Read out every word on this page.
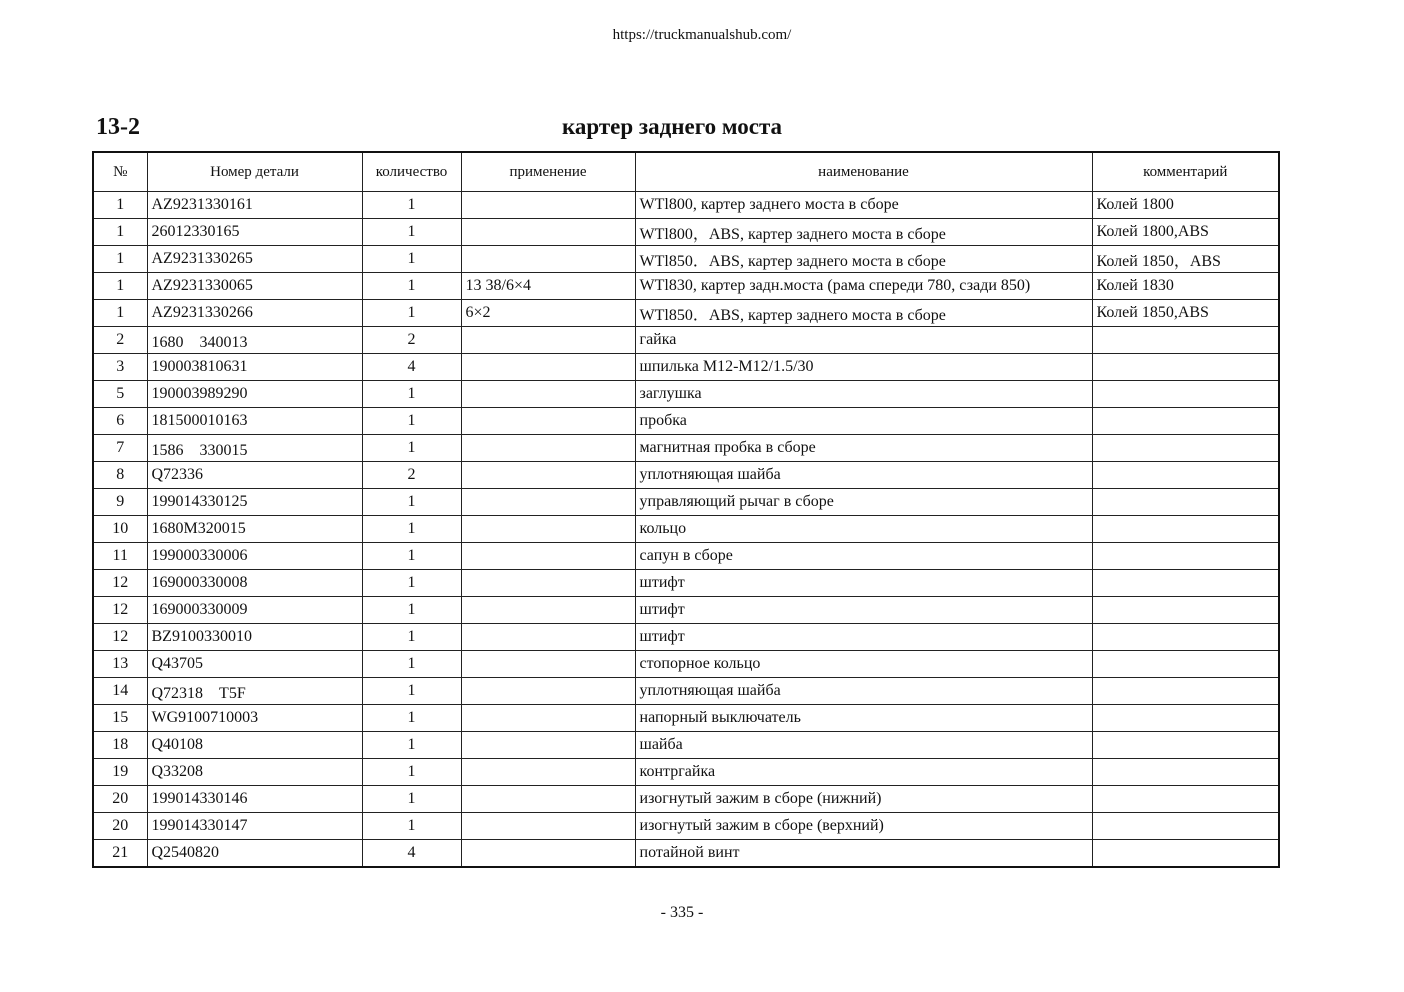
https://truckmanualshub.com/
13-2	картер заднего моста
№	Номер детали	количество	применение	наименование	комментарий
1	AZ9231330161	1		WTl800, картер заднего моста в сборе	Колей 1800
1	26012330165	1		WTl800，ABS, картер заднего моста в сборе	Колей 1800,ABS
1	AZ9231330265	1		WTl850．ABS, картер заднего моста в сборе	Колей 1850，ABS
1	AZ9231330065	1	13 38/6×4	WTl830, картер задн.моста (рама спереди 780, сзади 850)	Колей 1830
1	AZ9231330266	1	6×2	WTl850．ABS, картер заднего моста в сборе	Колей 1850,ABS
2	1680　340013	2		гайка	
3	190003810631	4		шпилька M12-M12/1.5/30	
5	190003989290	1		заглушка	
6	181500010163	1		пробка	
7	1586　330015	1		магнитная пробка в сборе	
8	Q72336	2		уплотняющая шайба	
9	199014330125	1		управляющий рычаг в сборе	
10	1680M320015	1		кольцо	
11	199000330006	1		сапун в сборе	
12	169000330008	1		штифт	
12	169000330009	1		штифт	
12	BZ9100330010	1		штифт	
13	Q43705	1		стопорное кольцо	
14	Q72318　T5F	1		уплотняющая шайба	
15	WG9100710003	1		напорный выключатель	
18	Q40108	1		шайба	
19	Q33208	1		контргайка	
20	199014330146	1		изогнутый зажим в сборе (нижний)	
20	199014330147	1		изогнутый зажим в сборе (верхний)	
21	Q2540820	4		потайной винт	
- 335 -
